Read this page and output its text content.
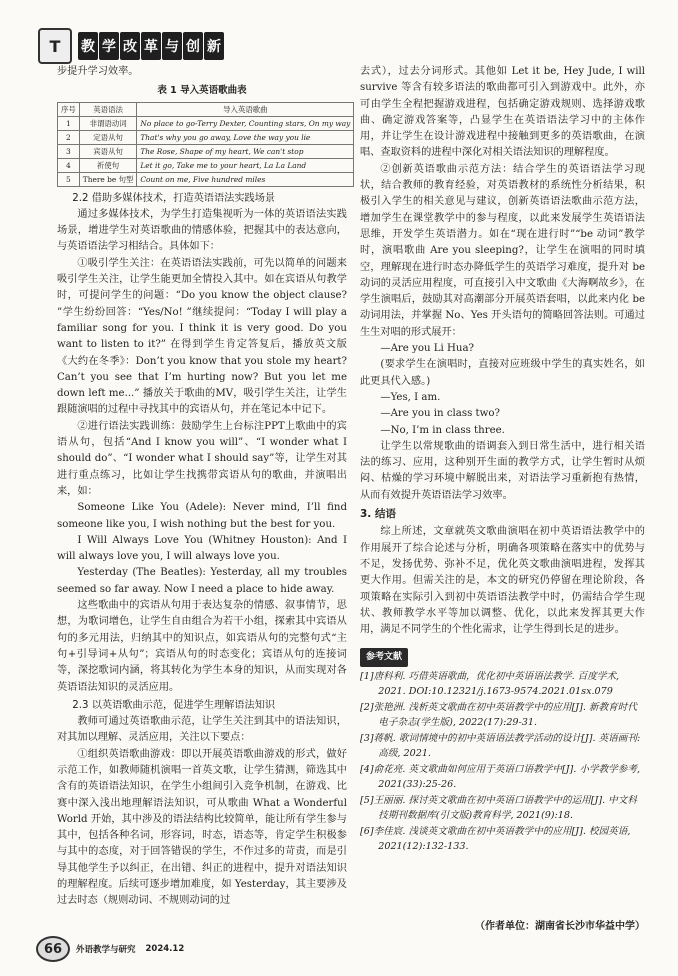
T	教 学 改 革 与 创 新

步提升学习效率。

表 1 导入英语歌曲表
序号	英语语法	导入英语歌曲
1	非谓语动词	No place to go-Terry Dexter, Counting stars, On my way
2	定语从句	That's why you go away, Love the way you lie
3	宾语从句	The Rose, Shape of my heart, We can't stop
4	祈使句	Let it go, Take me to your heart, La La Land
5	There be 句型	Count on me, Five hundred miles
2.2 借助多媒体技术，打造英语语法实践场景

通过多媒体技术，为学生打造集视听为一体的英语语法实践场景，增进学生对英语歌曲的情感体验，把握其中的表达意向，与英语语法学习相结合。具体如下：

①吸引学生关注：在英语语法实践前，可先以简单的问题来吸引学生关注，让学生能更加全情投入其中。如在宾语从句教学时，可提问学生的问题：“Do you know the object clause? ”学生纷纷回答：“Yes/No! ”继续提问：“Today I will play a familiar song for you. I think it is very good. Do you want to listen to it?” 在得到学生肯定答复后，播放英文版《大约在冬季》：Don’t you know that you stole my heart? Can’t you see that I’m hurting now? But you let me down left me...” 播放关于歌曲的MV，吸引学生关注，让学生跟随演唱的过程中寻找其中的宾语从句，并在笔记本中记下。

②进行语法实践训练：鼓励学生上台标注PPT上歌曲中的宾语从句，包括“And I know you will”、“I wonder what I should do”、“I wonder what I should say”等，让学生对其进行重点练习，比如让学生找携带宾语从句的歌曲，并演唱出来，如：

Someone Like You (Adele): Never mind, I’ll find someone like you, I wish nothing but the best for you.

I Will Always Love You (Whitney Houston): And I will always love you, I will always love you.

Yesterday (The Beatles): Yesterday, all my troubles seemed so far away. Now I need a place to hide away.

这些歌曲中的宾语从句用于表达复杂的情感、叙事情节，思想，为歌词增色，让学生自由组合为若干小组，探索其中宾语从句的多元用法，归纳其中的知识点，如宾语从句的完整句式“主句+引导词+从句”；宾语从句的时态变化；宾语从句的连接词等，深挖歌词内涵，将其转化为学生本身的知识，从而实现对各英语语法知识的灵活应用。

2.3 以英语歌曲示范，促进学生理解语法知识

教师可通过英语歌曲示范，让学生关注到其中的语法知识，对其加以理解、灵活应用，关注以下要点：

①组织英语歌曲游戏：即以开展英语歌曲游戏的形式，做好示范工作，如教师随机演唱一首英文歌，让学生猜测，筛选其中含有的英语语法知识，在学生小组间引入竞争机制，在游戏、比赛中深入浅出地理解语法知识，可从歌曲 What a Wonderful World 开始，其中涉及的语法结构比较简单，能让所有学生参与其中，包括各种名词，形容词，时态，语态等，肯定学生积极参与其中的态度，对于回答错误的学生，不作过多的苛责，而是引导其他学生予以纠正，在出错、纠正的进程中，提升对语法知识的理解程度。后续可逐步增加难度，如 Yesterday，其主要涉及过去时态（规则动词、不规则动词的过

去式），过去分词形式。其他如 Let it be, Hey Jude, I will survive 等含有较多语法的歌曲都可引入到游戏中。此外，亦可由学生全程把握游戏进程，包括确定游戏规则、选择游戏歌曲、确定游戏答案等，凸显学生在英语语法学习中的主体作用，并让学生在设计游戏进程中接触到更多的英语歌曲，在演唱、查取资料的进程中深化对相关语法知识的理解程度。

②创新英语歌曲示范方法：结合学生的英语语法学习现状，结合教师的教育经验，对英语教材的系统性分析结果，积极引入学生的相关意见与建议，创新英语语法歌曲示范方法，增加学生在课堂教学中的参与程度，以此来发展学生英语语法思维，开发学生英语潜力。如在“现在进行时”“be 动词”教学时，演唱歌曲 Are you sleeping?，让学生在演唱的同时填空，理解现在进行时态办降低学生的英语学习难度，提升对 be 动词的灵活应用程度，可直接引入中文歌曲《大海啊故乡》，在学生演唱后，鼓励其对高潮部分开展英语套唱，以此来内化 be 动词用法，并掌握 No、Yes 开头语句的简略回答法则。可通过生生对唱的形式展开：

—Are you Li Hua?

(要求学生在演唱时，直接对应班级中学生的真实姓名，如此更具代入感。)

—Yes, I am.

—Are you in class two?

—No, I’m in class three.

让学生以常规歌曲的语调套入到日常生活中，进行相关语法的练习、应用，这种别开生面的教学方式，让学生暂时从烦闷、枯燥的学习环境中解脱出来，对语法学习重新抱有热情，从而有效提升英语语法学习效率。

3. 结语

综上所述，文章就英文歌曲演唱在初中英语语法教学中的作用展开了综合论述与分析，明确各项策略在落实中的优势与不足，发扬优势、弥补不足，优化英文歌曲演唱进程，发挥其更大作用。但需关注的是，本文的研究仍停留在理论阶段，各项策略在实际引入到初中英语语法教学中时，仍需结合学生现状、教师教学水平等加以调整、优化，以此来发挥其更大作用，满足不同学生的个性化需求，让学生得到长足的进步。

参考文献
[1]唐科利. 巧借英语歌曲，优化初中英语语法教学. 百度学术, 2021. DOI:10.12321/j.1673-9574.2021.01sx.079
[2]张艳洲. 浅析英文歌曲在初中英语教学中的应用[J]. 新教育时代电子杂志(学生版), 2022(17):29-31.
[3]蒋帆. 歌词情境中的初中英语语法教学活动的设计[J]. 英语画刊:高级, 2021.
[4]俞花亮. 英文歌曲如何应用于英语口语教学中[J]. 小学教学参考, 2021(33):25-26.
[5]王丽丽. 探讨英文歌曲在初中英语口语教学中的运用[J]. 中文科技期刊数据库(引文版)教育科学, 2021(9):18.
[6]李佳宸. 浅谈英文歌曲在初中英语教学中的应用[J]. 校园英语, 2021(12):132-133.
（作者单位：湖南省长沙市华益中学）
66	外语教学与研究 2024.12
